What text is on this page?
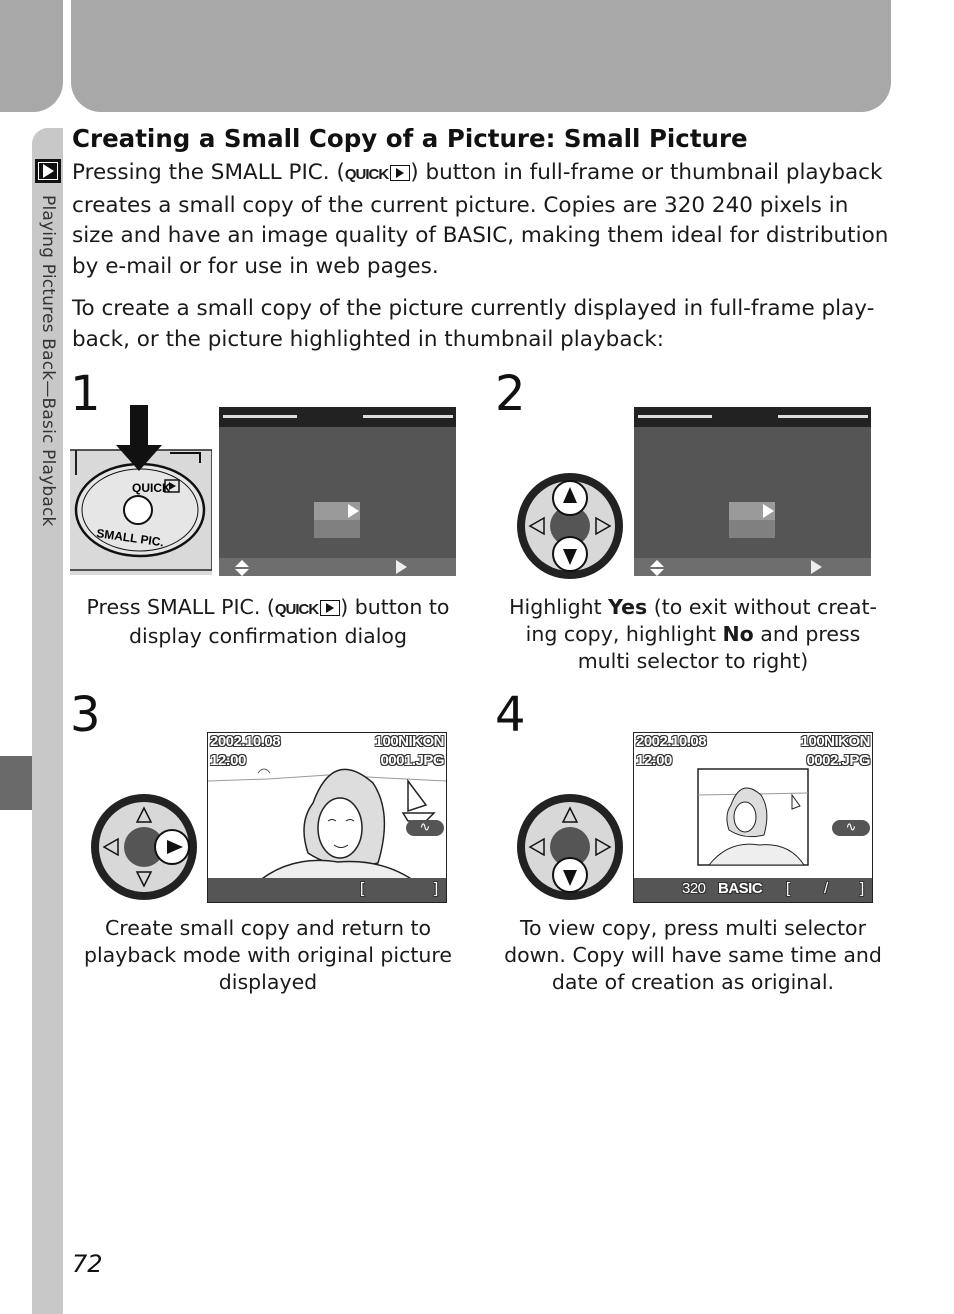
Playing Pictures Back—Basic Playback
Creating a Small Copy of a Picture: Small Picture

Pressing the SMALL PIC. (QUICK ) button in full-frame or thumbnail playback creates a small copy of the current picture. Copies are 320 240 pixels in size and have an image quality of BASIC, making them ideal for distribution by e-mail or for use in web pages.

To create a small copy of the picture currently displayed in full-frame play-back, or the picture highlighted in thumbnail playback:

1
QUICK
SMALL PIC.
Press SMALL PIC. (QUICK ) button to display confirmation dialog
2
Highlight Yes (to exit without creat-ing copy, highlight No and press multi selector to right)
3	2002.10.08
12:00
100NIKON
0001.JPG
∿
[	]
Create small copy and return to playback mode with original picture displayed
4	2002.10.08
12:00
100NIKON
0002.JPG
∿
320 BASIC [ / ]
To view copy, press multi selector down. Copy will have same time and date of creation as original.
72
